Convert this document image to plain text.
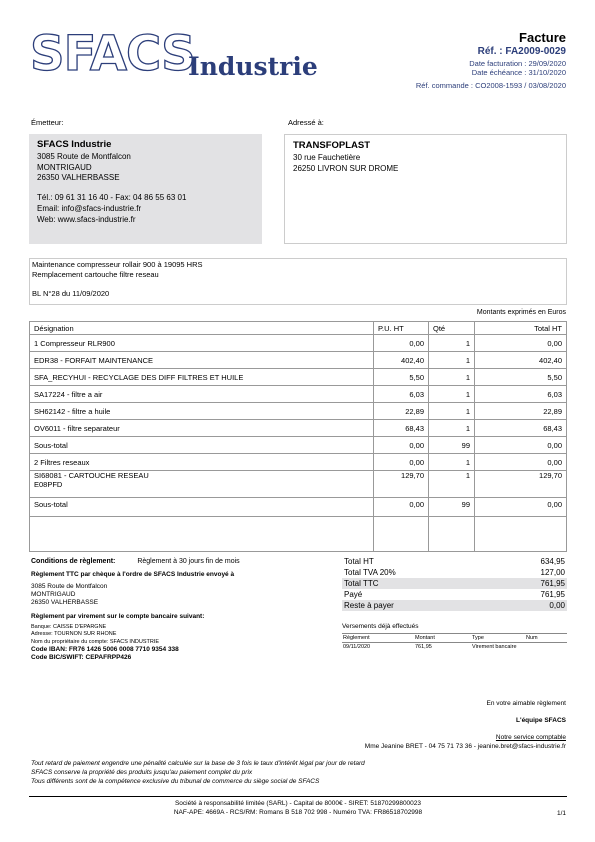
SFACS
Industrie
Facture
Réf. : FA2009-0029
Date facturation : 29/09/2020
Date échéance : 31/10/2020
Réf. commande : CO2008-1593 / 03/08/2020
Émetteur:	Adressé à:
SFACS Industrie
3085 Route de Montfalcon
MONTRIGAUD
26350 VALHERBASSE

Tél.: 09 61 31 16 40 - Fax: 04 86 55 63 01
Email: info@sfacs-industrie.fr
Web: www.sfacs-industrie.fr
TRANSFOPLAST
30 rue Fauchetière
26250 LIVRON SUR DROME
Maintenance compresseur rollair 900 à 19095 HRS
Remplacement cartouche filtre reseau
BL N°28 du 11/09/2020
Montants exprimés en Euros
Désignation	P.U. HT	Qté	Total HT
1 Compresseur RLR900	0,00	1	0,00
EDR38 - FORFAIT MAINTENANCE	402,40	1	402,40
SFA_RECYHUI - RECYCLAGE DES DIFF FILTRES ET HUILE	5,50	1	5,50
SA17224 - filtre a air	6,03	1	6,03
SH62142 - filtre a huile	22,89	1	22,89
OV6011 - filtre separateur	68,43	1	68,43
Sous-total	0,00	99	0,00
2 Filtres reseaux	0,00	1	0,00
SI68081 - CARTOUCHE RESEAU
E08PFD	129,70	1	129,70
Sous-total	0,00	99	0,00

Conditions de règlement:	Règlement à 30 jours fin de mois
Règlement TTC par chèque à l'ordre de SFACS Industrie envoyé à
3085 Route de Montfalcon
MONTRIGAUD
26350 VALHERBASSE
Règlement par virement sur le compte bancaire suivant:
Banque: CAISSE D'EPARGNE
Adresse: TOURNON SUR RHONE
Nom du propriétaire du compte: SFACS INDUSTRIE
Code IBAN: FR76 1426 5006 0008 7710 9354 338
Code BIC/SWIFT: CEPAFRPP426
Total HT	634,95
Total TVA 20%	127,00
Total TTC	761,95
Payé	761,95
Reste à payer	0,00
Versements déjà effectués
Règlement	Montant	Type	Num
09/11/2020	761,95	Virement bancaire	
En votre aimable règlement
L'équipe SFACS
Notre service comptable
Mme Jeanine BRET - 04 75 71 73 36 - jeanine.bret@sfacs-industrie.fr
Tout retard de paiement engendre une pénalité calculée sur la base de 3 fois le taux d'intérêt légal par jour de retard
SFACS conserve la propriété des produits jusqu'au paiement complet du prix
Tous différents sont de la compétence exclusive du tribunal de commerce du siège social de SFACS
Société à responsabilité limitée (SARL) - Capital de 8000€ - SIRET: 51870299800023
NAF-APE: 4669A - RCS/RM: Romans B 518 702 998 - Numéro TVA: FR86518702998	1/1
